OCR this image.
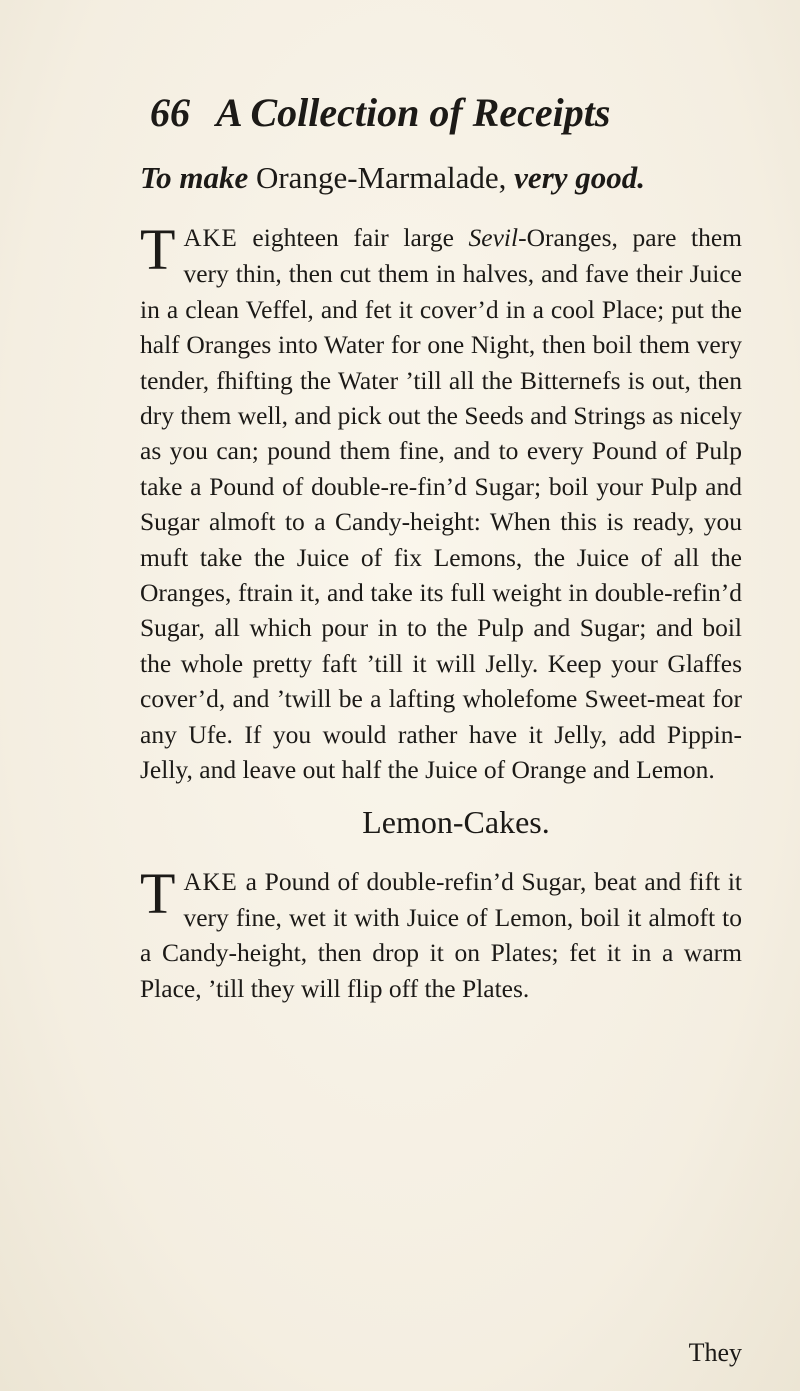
66 A Collection of Receipts
To make Orange-Marmalade, very good.

TAKE eighteen fair large Sevil-Oranges, pare them very thin, then cut them in halves, and fave their Juice in a clean Veffel, and fet it cover’d in a cool Place; put the half Oranges into Water for one Night, then boil them very tender, fhifting the Water ’till all the Bitternefs is out, then dry them well, and pick out the Seeds and Strings as nicely as you can; pound them fine, and to every Pound of Pulp take a Pound of double-re-fin’d Sugar; boil your Pulp and Sugar almoft to a Candy-height: When this is ready, you muft take the Juice of fix Lemons, the Juice of all the Oranges, ftrain it, and take its full weight in double-refin’d Sugar, all which pour in to the Pulp and Sugar; and boil the whole pretty faft ’till it will Jelly. Keep your Glaffes cover’d, and ’twill be a lafting wholefome Sweet-meat for any Ufe. If you would rather have it Jelly, add Pippin-Jelly, and leave out half the Juice of Orange and Lemon.

Lemon-Cakes.

TAKE a Pound of double-refin’d Sugar, beat and fift it very fine, wet it with Juice of Lemon, boil it almoft to a Candy-height, then drop it on Plates; fet it in a warm Place, ’till they will flip off the Plates.

They
